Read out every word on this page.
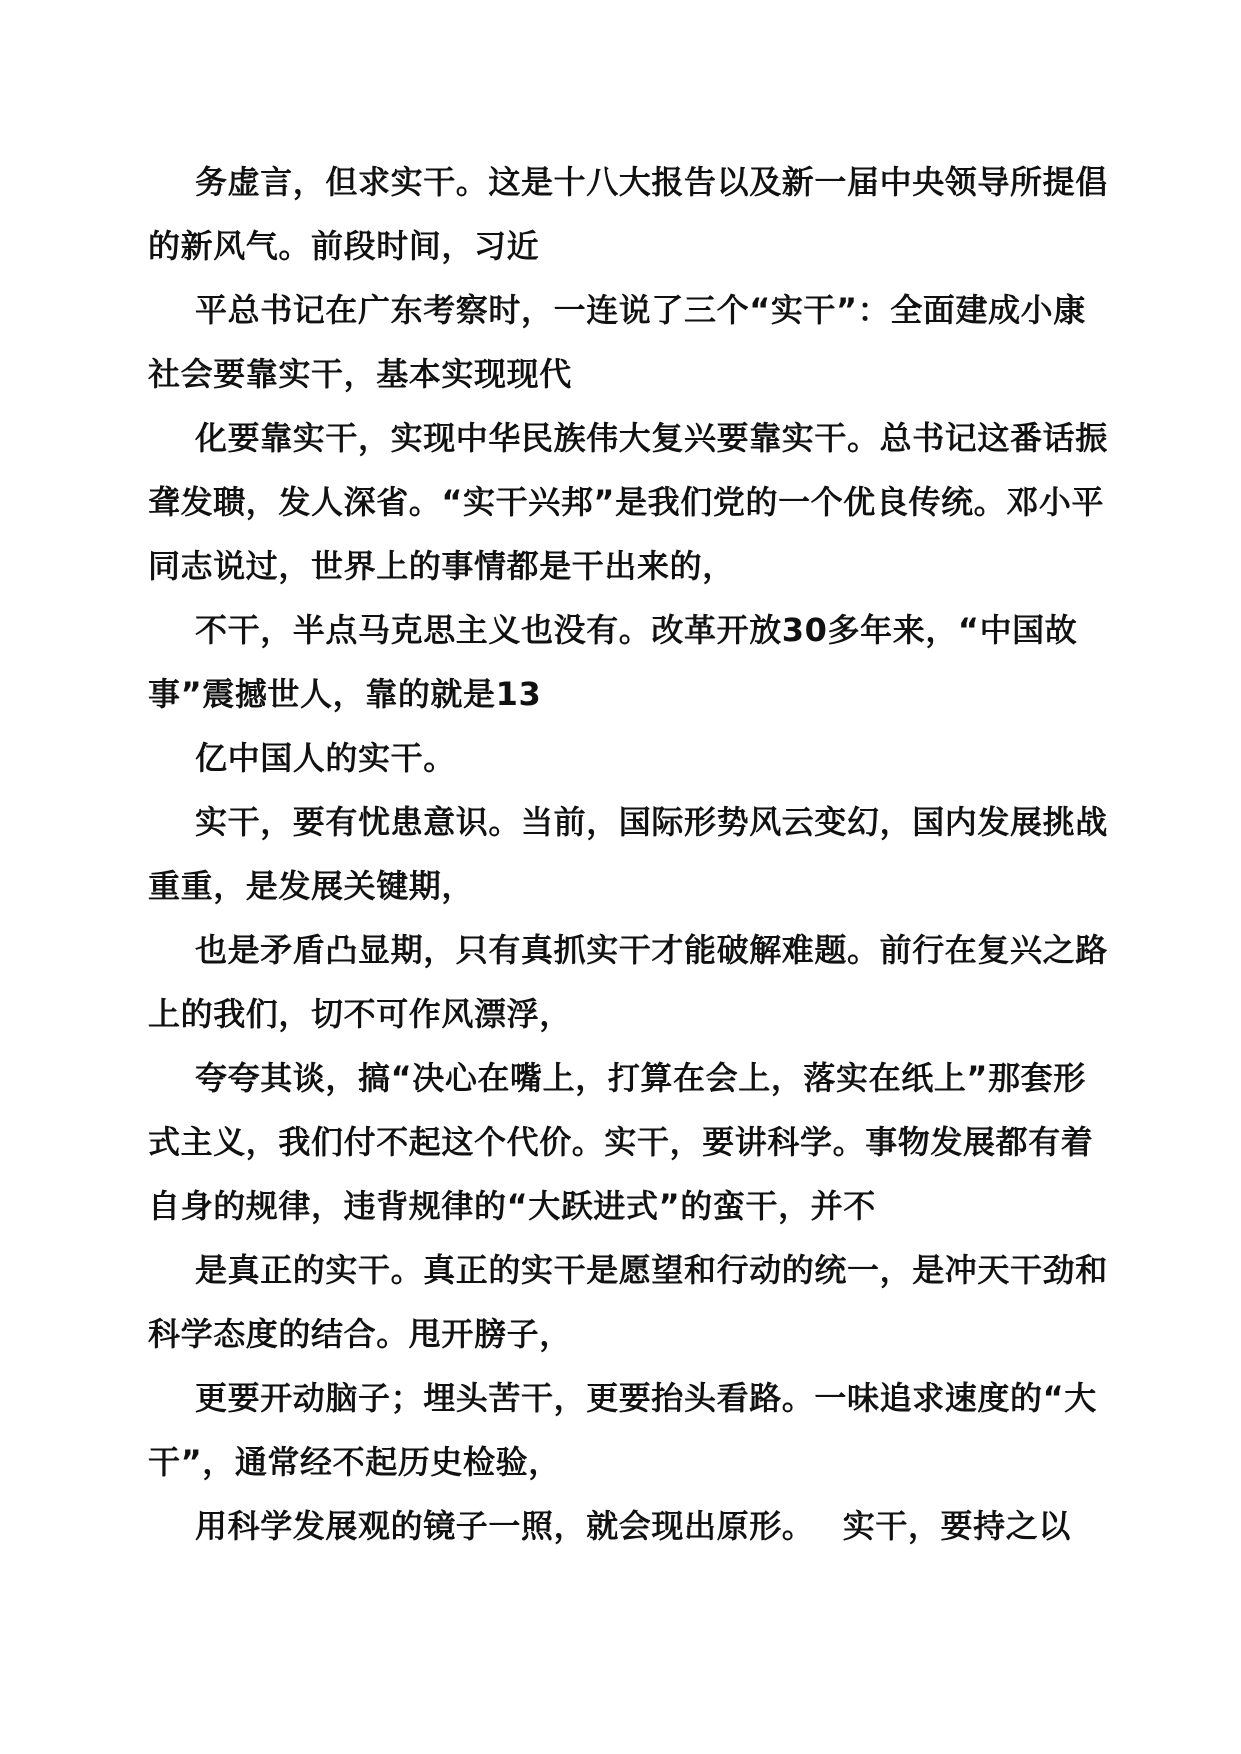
务虚言，但求实干。这是十八大报告以及新一届中央领导所提倡的新风气。前段时间，习近

平总书记在广东考察时，一连说了三个“实干”：全面建成小康社会要靠实干，基本实现现代

化要靠实干，实现中华民族伟大复兴要靠实干。总书记这番话振聋发聩，发人深省。“实干兴邦”是我们党的一个优良传统。邓小平同志说过，世界上的事情都是干出来的，

不干，半点马克思主义也没有。改革开放30多年来，“中国故事”震撼世人，靠的就是13

亿中国人的实干。

实干，要有忧患意识。当前，国际形势风云变幻，国内发展挑战重重，是发展关键期，

也是矛盾凸显期，只有真抓实干才能破解难题。前行在复兴之路上的我们，切不可作风漂浮，

夸夸其谈，搞“决心在嘴上，打算在会上，落实在纸上”那套形式主义，我们付不起这个代价。实干，要讲科学。事物发展都有着自身的规律，违背规律的“大跃进式”的蛮干，并不

是真正的实干。真正的实干是愿望和行动的统一，是冲天干劲和科学态度的结合。甩开膀子，

更要开动脑子；埋头苦干，更要抬头看路。一味追求速度的“大干”，通常经不起历史检验，

用科学发展观的镜子一照，就会现出原形。　 实干，要持之以
